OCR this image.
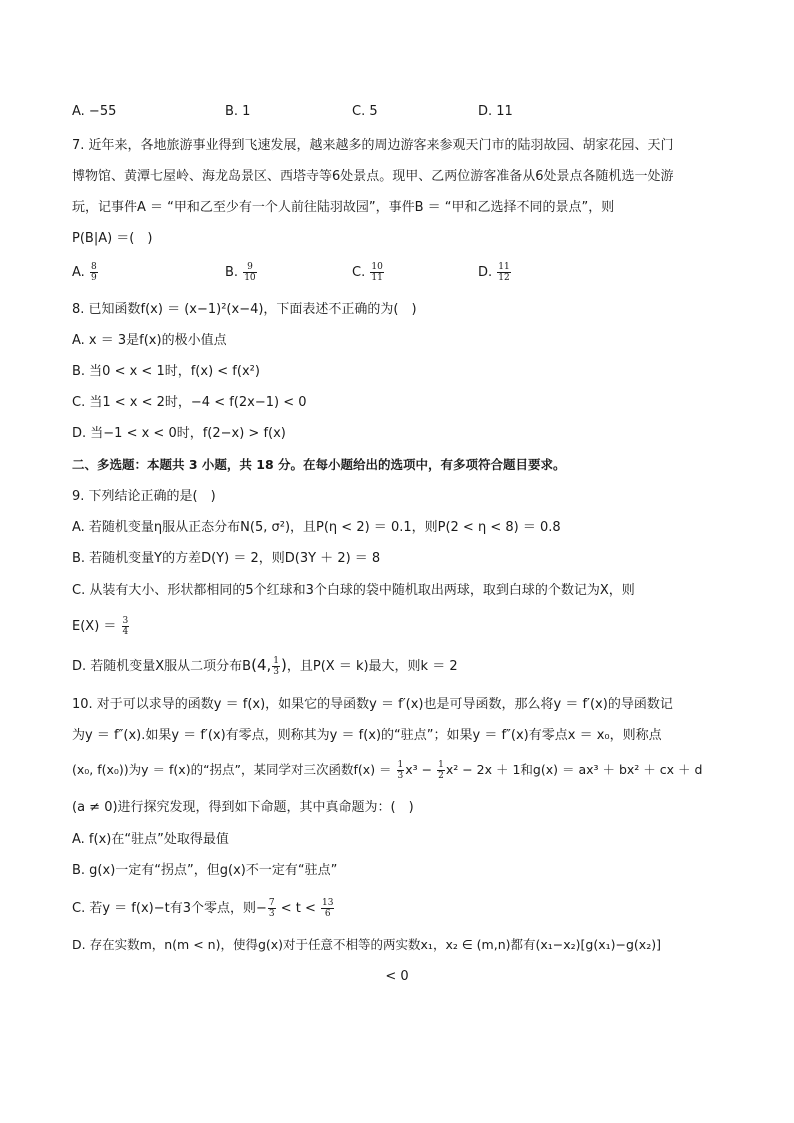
A. −55	B. 1	C. 5	D. 11
7. 近年来，各地旅游事业得到飞速发展，越来越多的周边游客来参观天门市的陆羽故园、胡家花园、天门
博物馆、黄潭七屋岭、海龙岛景区、西塔寺等6处景点。现甲、乙两位游客准备从6处景点各随机选一处游
玩，记事件A ＝ “甲和乙至少有一个人前往陆羽故园”，事件B ＝ “甲和乙选择不同的景点”，则
P(B|A) ＝(　)
A. $\frac{8}{9}$	B. $\frac{9}{10}$	C. $\frac{10}{11}$	D. $\frac{11}{12}$
8. 已知函数f(x) ＝ (x−1)²(x−4)，下面表述不正确的为(　)
A. x ＝ 3是f(x)的极小值点
B. 当0 < x < 1时，f(x) < f(x²)
C. 当1 < x < 2时，−4 < f(2x−1) < 0
D. 当−1 < x < 0时，f(2−x) > f(x)
二、多选题：本题共 3 小题，共 18 分。在每小题给出的选项中，有多项符合题目要求。
9. 下列结论正确的是(　)
A. 若随机变量η服从正态分布N(5, σ²)，且P(η < 2) ＝ 0.1，则P(2 < η < 8) ＝ 0.8
B. 若随机变量Y的方差D(Y) ＝ 2，则D(3Y ＋ 2) ＝ 8
C. 从装有大小、形状都相同的5个红球和3个白球的袋中随机取出两球，取到白球的个数记为X，则
$E(X) = \frac{3}{4}$
D. 若随机变量X服从二项分布B(4, $\frac{1}{3}$ )，且P(X ＝ k)最大，则k ＝ 2
10. 对于可以求导的函数y ＝ f(x)，如果它的导函数y ＝ f′(x)也是可导函数，那么将y ＝ f′(x)的导函数记
为y ＝ f″(x).如果y ＝ f′(x)有零点，则称其为y ＝ f(x)的“驻点”；如果y ＝ f″(x)有零点x ＝ x₀，则称点
(x₀, f(x₀))为y ＝ f(x)的“拐点”，某同学对三次函数$f(x) = \frac{1}{3} x^3 - \frac{1}{2} x^2 - 2x + 1$和g(x) ＝ ax³ ＋ bx² ＋ cx ＋ d
(a ≠ 0)进行探究发现，得到如下命题，其中真命题为：(　)
A. f(x)在“驻点”处取得最值
B. g(x)一定有“拐点”，但g(x)不一定有“驻点”
C. 若y ＝ f(x)−t有3个零点，则− $\frac{7}{3} < t < \frac{13}{6}$
D. 存在实数m，n(m < n)，使得g(x)对于任意不相等的两实数x₁，x₂ ∈ (m,n)都有(x₁−x₂)[g(x₁)−g(x₂)]
< 0
